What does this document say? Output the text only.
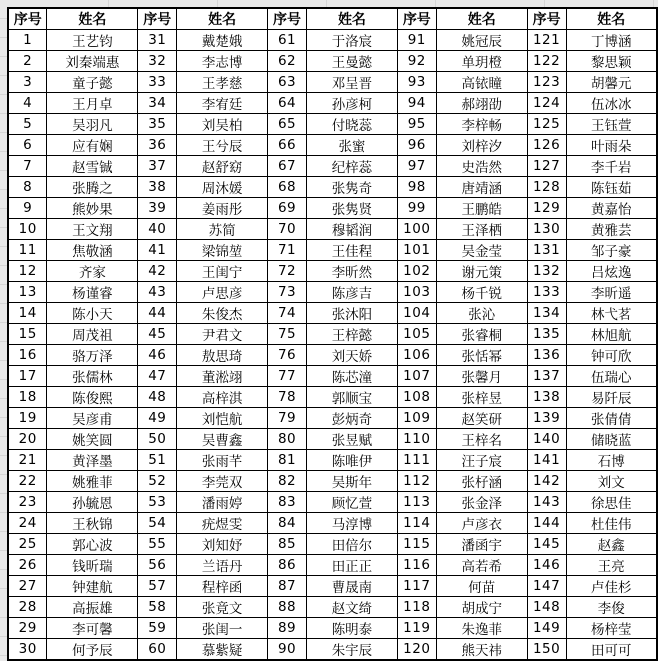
序号	姓名	序号	姓名	序号	姓名	序号	姓名	序号	姓名
1	王艺钧	31	戴楚娥	61	于洛宸	91	姚冠辰	121	丁博涵
2	刘秦端惠	32	李志博	62	王曼懿	92	单玥橙	122	黎思颖
3	童子懿	33	王孝慈	63	邓呈晋	93	高铱瞳	123	胡馨元
4	王月卓	34	李宥廷	64	孙彦柯	94	郝翊劭	124	伍冰冰
5	吴羽凡	35	刘吴柏	65	付晓蕊	95	李梓畅	125	王钰萱
6	应有娴	36	王兮辰	66	张蜜	96	刘梓汐	126	叶雨朵
7	赵雪铖	37	赵舒窈	67	纪梓蕊	97	史浩然	127	李千岩
8	张腾之	38	周沐媛	68	张隽奇	98	唐靖涵	128	陈钰茹
9	熊妙果	39	姜雨彤	69	张隽贤	99	王鹏皓	129	黄嘉怡
10	王文翔	40	苏简	70	穆韬润	100	王泽栖	130	黄雅芸
11	焦敬涵	41	梁锦堃	71	王佳程	101	吴金莹	131	邹子豪
12	齐家	42	王闺宁	72	李昕然	102	谢元策	132	吕炫逸
13	杨谨睿	43	卢思彦	73	陈彦吉	103	杨千锐	133	李昕遥
14	陈小天	44	朱俊杰	74	张沐阳	104	张沁	134	林弋茗
15	周茂祖	45	尹君文	75	王梓懿	105	张睿桐	135	林旭航
16	骆万泽	46	敖思琦	76	刘天娇	106	张恬幂	136	钟可欣
17	张儒林	47	董淞翊	77	陈芯潼	107	张馨月	137	伍瑞心
18	陈俊熙	48	高梓淇	78	郭顺宝	108	张梓昱	138	易阡辰
19	吴彦甫	49	刘恺航	79	彭炳奇	109	赵笑研	139	张倩倩
20	姚笑圆	50	吴曹鑫	80	张昱赋	110	王梓名	140	储晓蓝
21	黄泽墨	51	张雨芊	81	陈唯伊	111	汪子宸	141	石博
22	姚雅菲	52	李莞双	82	吴斯年	112	张杍涵	142	刘文
23	孙毓恩	53	潘雨婷	83	顾忆萱	113	张金泽	143	徐思佳
24	王秋锦	54	疣煜雯	84	马淳博	114	卢彦衣	144	杜佳伟
25	郭心波	55	刘知妤	85	田倍尔	115	潘函宇	145	赵鑫
26	钱昕瑞	56	兰语丹	86	田正正	116	高若希	146	王亮
27	钟建航	57	程梓函	87	曹晟南	117	何苗	147	卢佳杉
28	高振雄	58	张竟文	88	赵文绮	118	胡成宁	148	李俊
29	李可馨	59	张闺一	89	陈明泰	119	朱逸菲	149	杨梓莹
30	何予辰	60	慕紫疑	90	朱宇辰	120	熊天祎	150	田可可
